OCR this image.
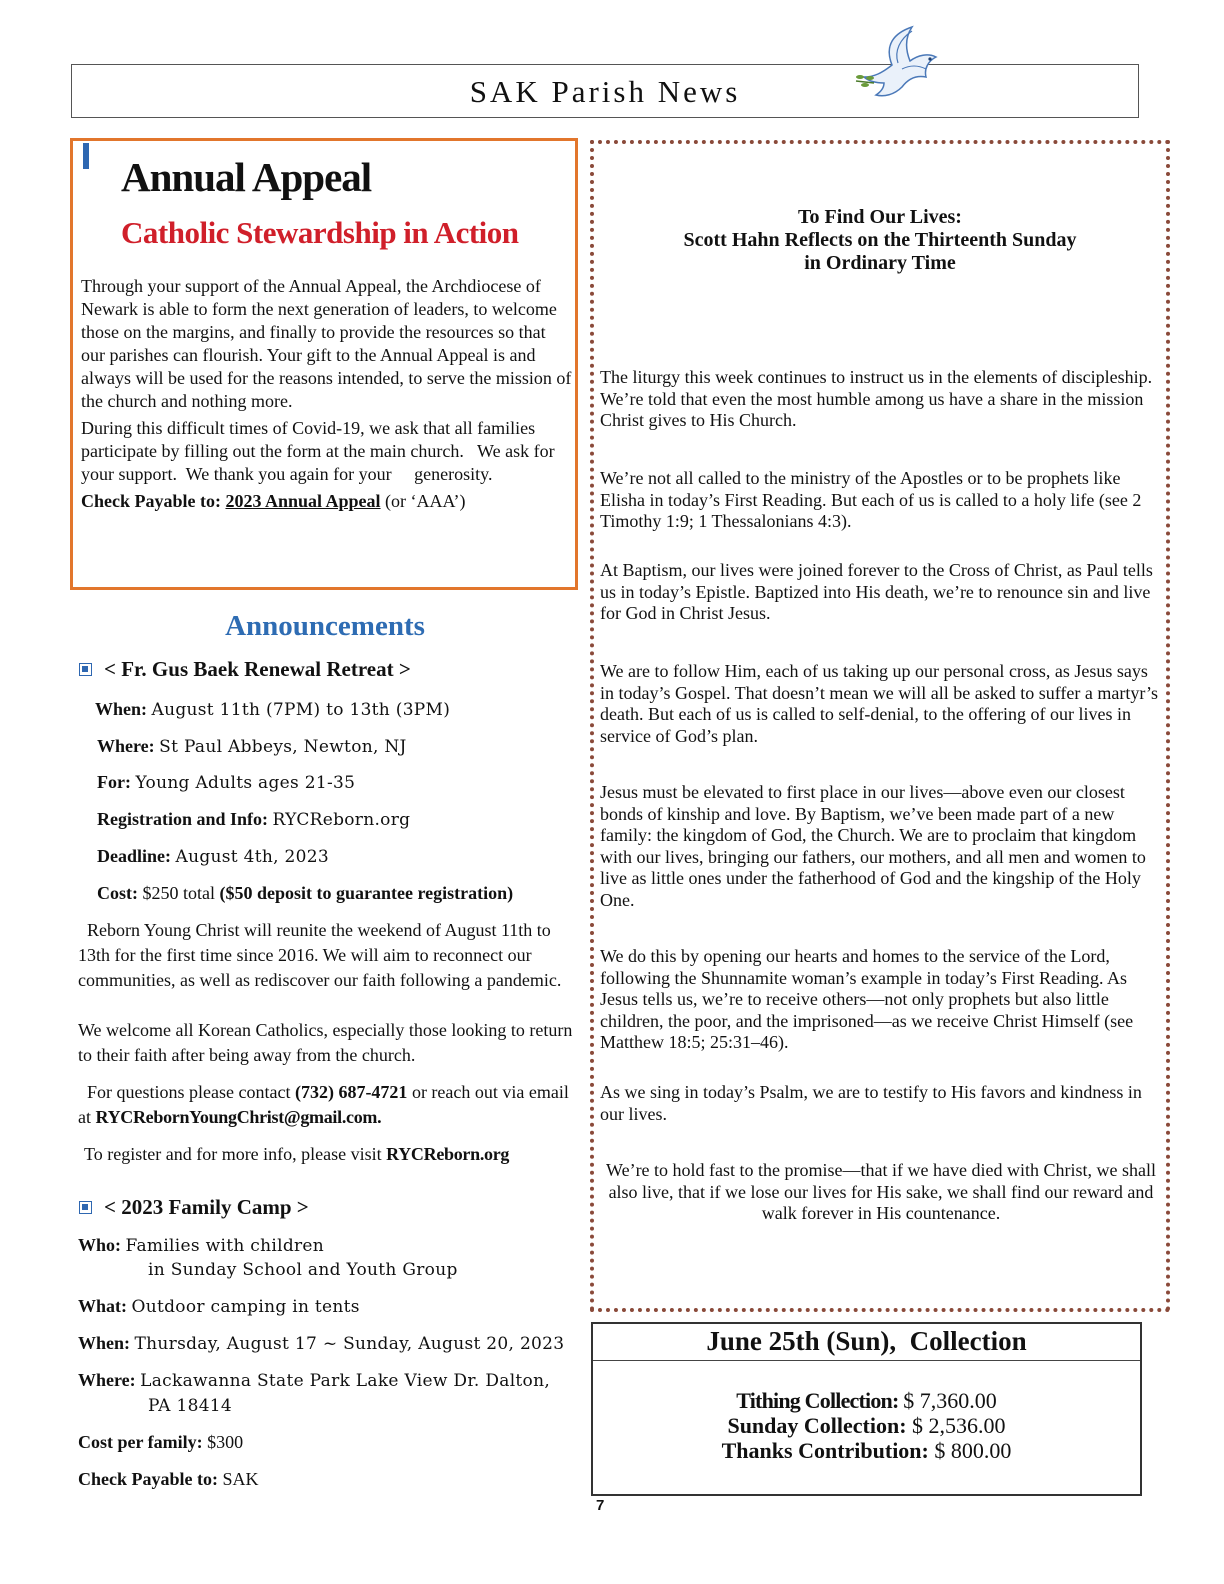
SAK Parish News
Annual Appeal
Catholic Stewardship in Action

Through your support of the Annual Appeal, the Archdiocese of Newark is able to form the next generation of leaders, to welcome those on the margins, and finally to provide the resources so that our parishes can flourish. Your gift to the Annual Appeal is and always will be used for the reasons intended, to serve the mission of the church and nothing more.

During this difficult times of Covid-19, we ask that all families participate by filling out the form at the main church.   We ask for your support.  We thank you again for your     generosity.

Check Payable to: 2023 Annual Appeal (or ‘AAA’)

Announcements
< Fr. Gus Baek Renewal Retreat >
When: August 11th (7PM) to 13th (3PM)
Where: St Paul Abbeys, Newton, NJ
For: Young Adults ages 21-35
Registration and Info: RYCReborn.org
Deadline: August 4th, 2023
Cost: $250 total ($50 deposit to guarantee registration)
Reborn Young Christ will reunite the weekend of August 11th to 13th for the first time since 2016. We will aim to reconnect our communities, as well as rediscover our faith following a pandemic.
We welcome all Korean Catholics, especially those looking to return to their faith after being away from the church.
For questions please contact (732) 687-4721 or reach out via email at RYCRebornYoungChrist@gmail.com.
To register and for more info, please visit RYCReborn.org
< 2023 Family Camp >
Who: Families with children
in Sunday School and Youth Group
What: Outdoor camping in tents
When: Thursday, August 17 ~ Sunday, August 20, 2023
Where: Lackawanna State Park Lake View Dr. Dalton,
PA 18414
Cost per family: $300
Check Payable to: SAK
To Find Our Lives:
Scott Hahn Reflects on the Thirteenth Sunday
in Ordinary Time

The liturgy this week continues to instruct us in the elements of discipleship. We’re told that even the most humble among us have a share in the mission Christ gives to His Church.

We’re not all called to the ministry of the Apostles or to be prophets like Elisha in today’s First Reading. But each of us is called to a holy life (see 2 Timothy 1:9; 1 Thessalonians 4:3).

At Baptism, our lives were joined forever to the Cross of Christ, as Paul tells us in today’s Epistle. Baptized into His death, we’re to renounce sin and live for God in Christ Jesus.

We are to follow Him, each of us taking up our personal cross, as Jesus says in today’s Gospel. That doesn’t mean we will all be asked to suffer a martyr’s death. But each of us is called to self-denial, to the offering of our lives in service of God’s plan.

Jesus must be elevated to first place in our lives—above even our closest bonds of kinship and love. By Baptism, we’ve been made part of a new family: the kingdom of God, the Church. We are to proclaim that kingdom with our lives, bringing our fathers, our mothers, and all men and women to live as little ones under the fatherhood of God and the kingship of the Holy One.

We do this by opening our hearts and homes to the service of the Lord, following the Shunnamite woman’s example in today’s First Reading. As Jesus tells us, we’re to receive others—not only prophets but also little children, the poor, and the imprisoned—as we receive Christ Himself (see Matthew 18:5; 25:31–46).

As we sing in today’s Psalm, we are to testify to His favors and kindness in our lives.

We’re to hold fast to the promise—that if we have died with Christ, we shall also live, that if we lose our lives for His sake, we shall find our reward and walk forever in His countenance.

June 25th (Sun),  Collection
Tithing Collection: $ 7,360.00
Sunday Collection: $ 2,536.00
Thanks Contribution: $ 800.00
7
